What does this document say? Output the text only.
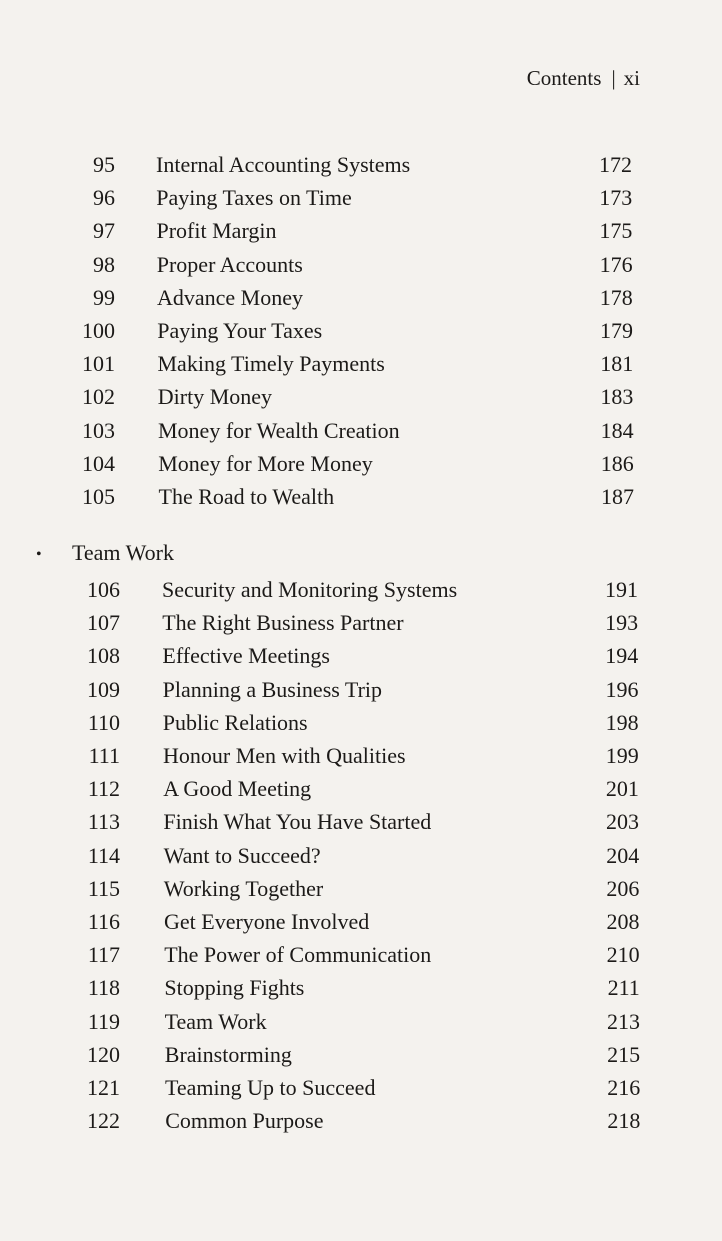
Contents | xi
95 Internal Accounting Systems	172
96 Paying Taxes on Time	173
97 Profit Margin	175
98 Proper Accounts	176
99 Advance Money	178
100 Paying Your Taxes	179
101 Making Timely Payments	181
102 Dirty Money	183
103 Money for Wealth Creation	184
104 Money for More Money	186
105 The Road to Wealth	187
• Team Work
106 Security and Monitoring Systems	191
107 The Right Business Partner	193
108 Effective Meetings	194
109 Planning a Business Trip	196
110 Public Relations	198
111 Honour Men with Qualities	199
112 A Good Meeting	201
113 Finish What You Have Started	203
114 Want to Succeed?	204
115 Working Together	206
116 Get Everyone Involved	208
117 The Power of Communication	210
118 Stopping Fights	211
119 Team Work	213
120 Brainstorming	215
121 Teaming Up to Succeed	216
122 Common Purpose	218
